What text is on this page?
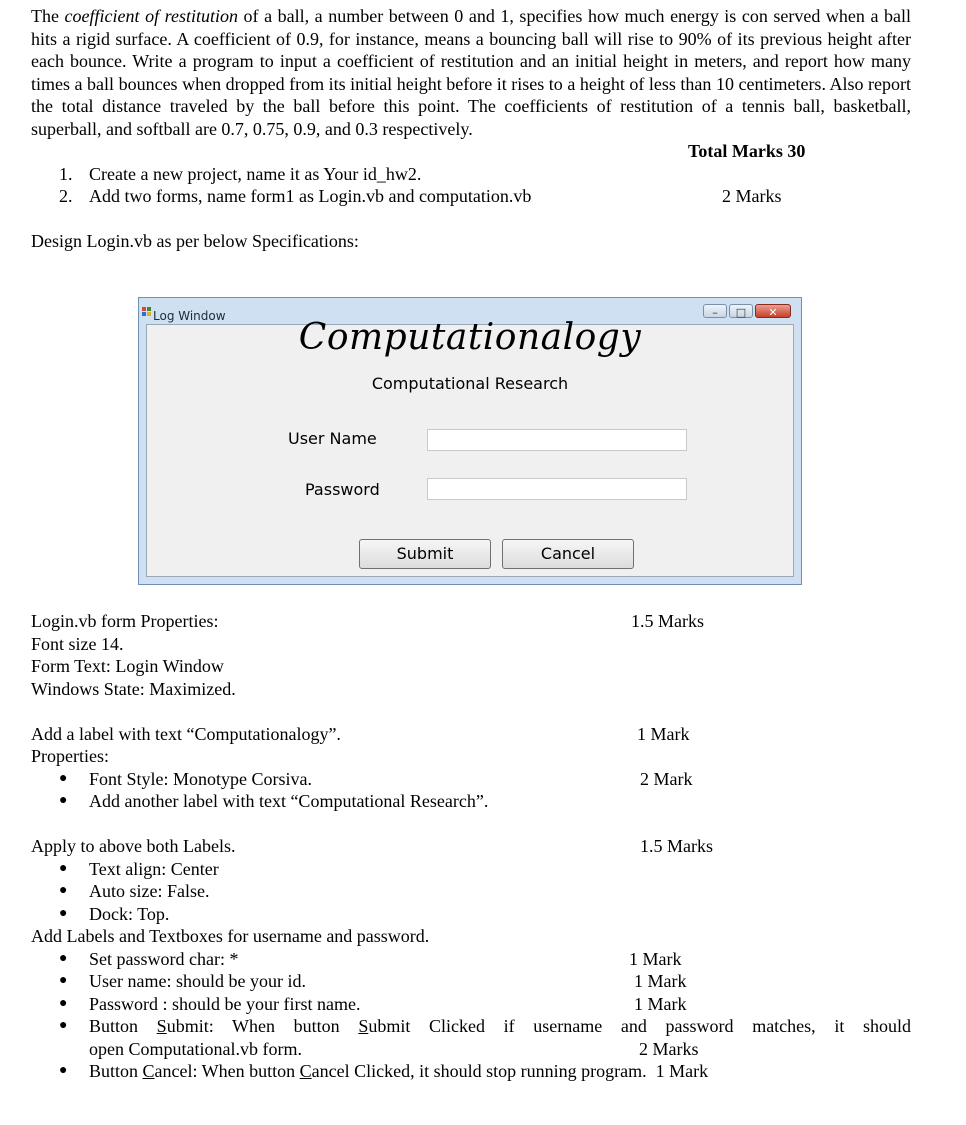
The coefficient of restitution of a ball, a number between 0 and 1, specifies how much energy is con served when a ball hits a rigid surface. A coefficient of 0.9, for instance, means a bouncing ball will rise to 90% of its previous height after each bounce. Write a program to input a coefficient of restitution and an initial height in meters, and report how many times a ball bounces when dropped from its initial height before it rises to a height of less than 10 centimeters. Also report the total distance traveled by the ball before this point. The coefficients of restitution of a tennis ball, basketball, superball, and softball are 0.7, 0.75, 0.9, and 0.3 respectively.

Total Marks 30
1. Create a new project, name it as Your id_hw2.
2. Add two forms, name form1 as Login.vb and computation.vb	2 Marks
Design Login.vb as per below Specifications:
Log Window	–	□	✕
Computationalogy
Computational Research
User Name
Password
Submit	Cancel
Login.vb form Properties:	1.5 Marks
Font size 14.
Form Text: Login Window
Windows State: Maximized.
Add a label with text “Computationalogy”.	1 Mark
Properties:
● Font Style: Monotype Corsiva.	2 Mark
● Add another label with text “Computational Research”.
Apply to above both Labels.	1.5 Marks
● Text align: Center
● Auto size: False.
● Dock: Top.
Add Labels and Textboxes for username and password.
● Set password char: *	1 Mark
● User name: should be your id.	1 Mark
● Password : should be your first name.	1 Mark
● Button Submit: When button Submit Clicked if username and password matches, it should
open Computational.vb form.	2 Marks
● Button Cancel: When button Cancel Clicked, it should stop running program. 1 Mark
